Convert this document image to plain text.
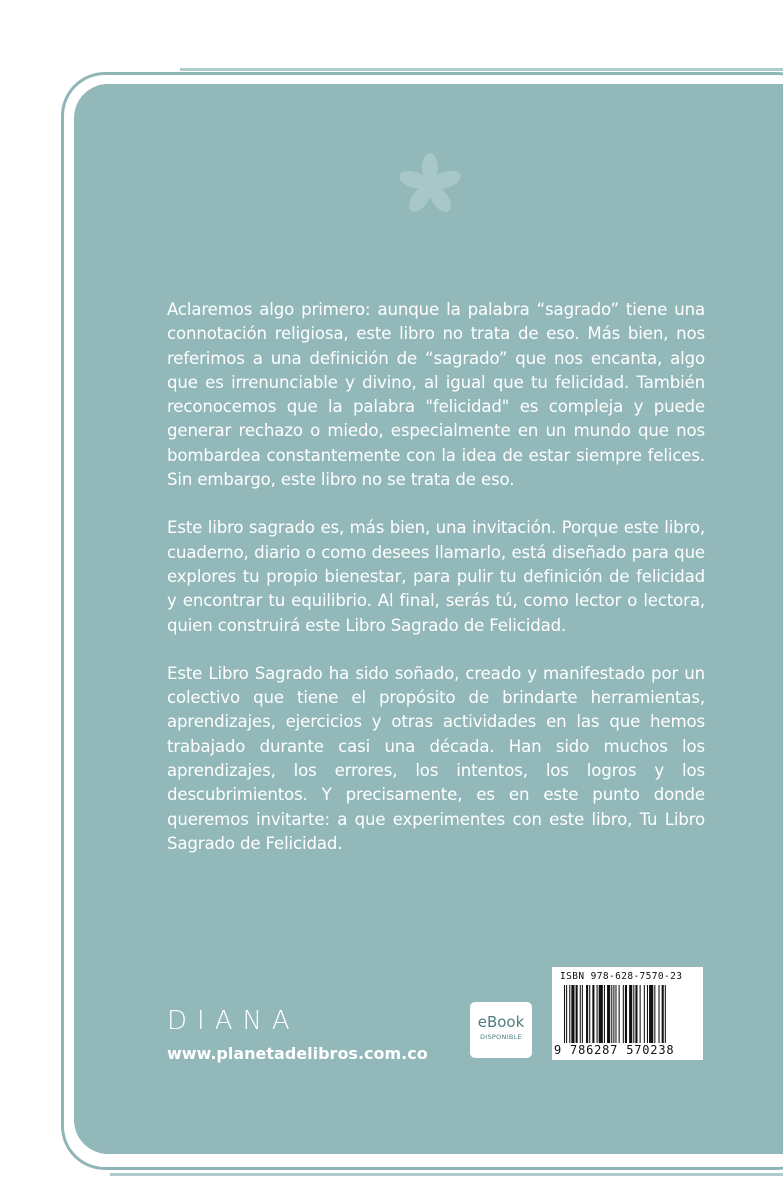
Aclaremos algo primero: aunque la palabra “sagrado” tiene una connotación religiosa, este libro no trata de eso. Más bien, nos referimos a una definición de “sagrado” que nos encanta, algo que es irrenunciable y divino, al igual que tu felicidad. También reconocemos que la palabra "felicidad" es compleja y puede generar rechazo o miedo, especialmente en un mundo que nos bombardea constantemente con la idea de estar siempre felices. Sin embargo, este libro no se trata de eso.

Este libro sagrado es, más bien, una invitación. Porque este libro, cuaderno, diario o como desees llamarlo, está diseñado para que explores tu propio bienestar, para pulir tu definición de felicidad y encontrar tu equilibrio. Al final, serás tú, como lector o lectora, quien construirá este Libro Sagrado de Felicidad.

Este Libro Sagrado ha sido soñado, creado y manifestado por un colectivo que tiene el propósito de brindarte herramientas, aprendizajes, ejercicios y otras actividades en las que hemos trabajado durante casi una década. Han sido muchos los aprendizajes, los errores, los intentos, los logros y los descubrimientos. Y precisamente, es en este punto donde queremos invitarte: a que experimentes con este libro, Tu Libro Sagrado de Felicidad.

DIANA
www.planetadelibros.com.co
eBook
DISPONIBLE
ISBN 978-628-7570-23
9 786287 570238
